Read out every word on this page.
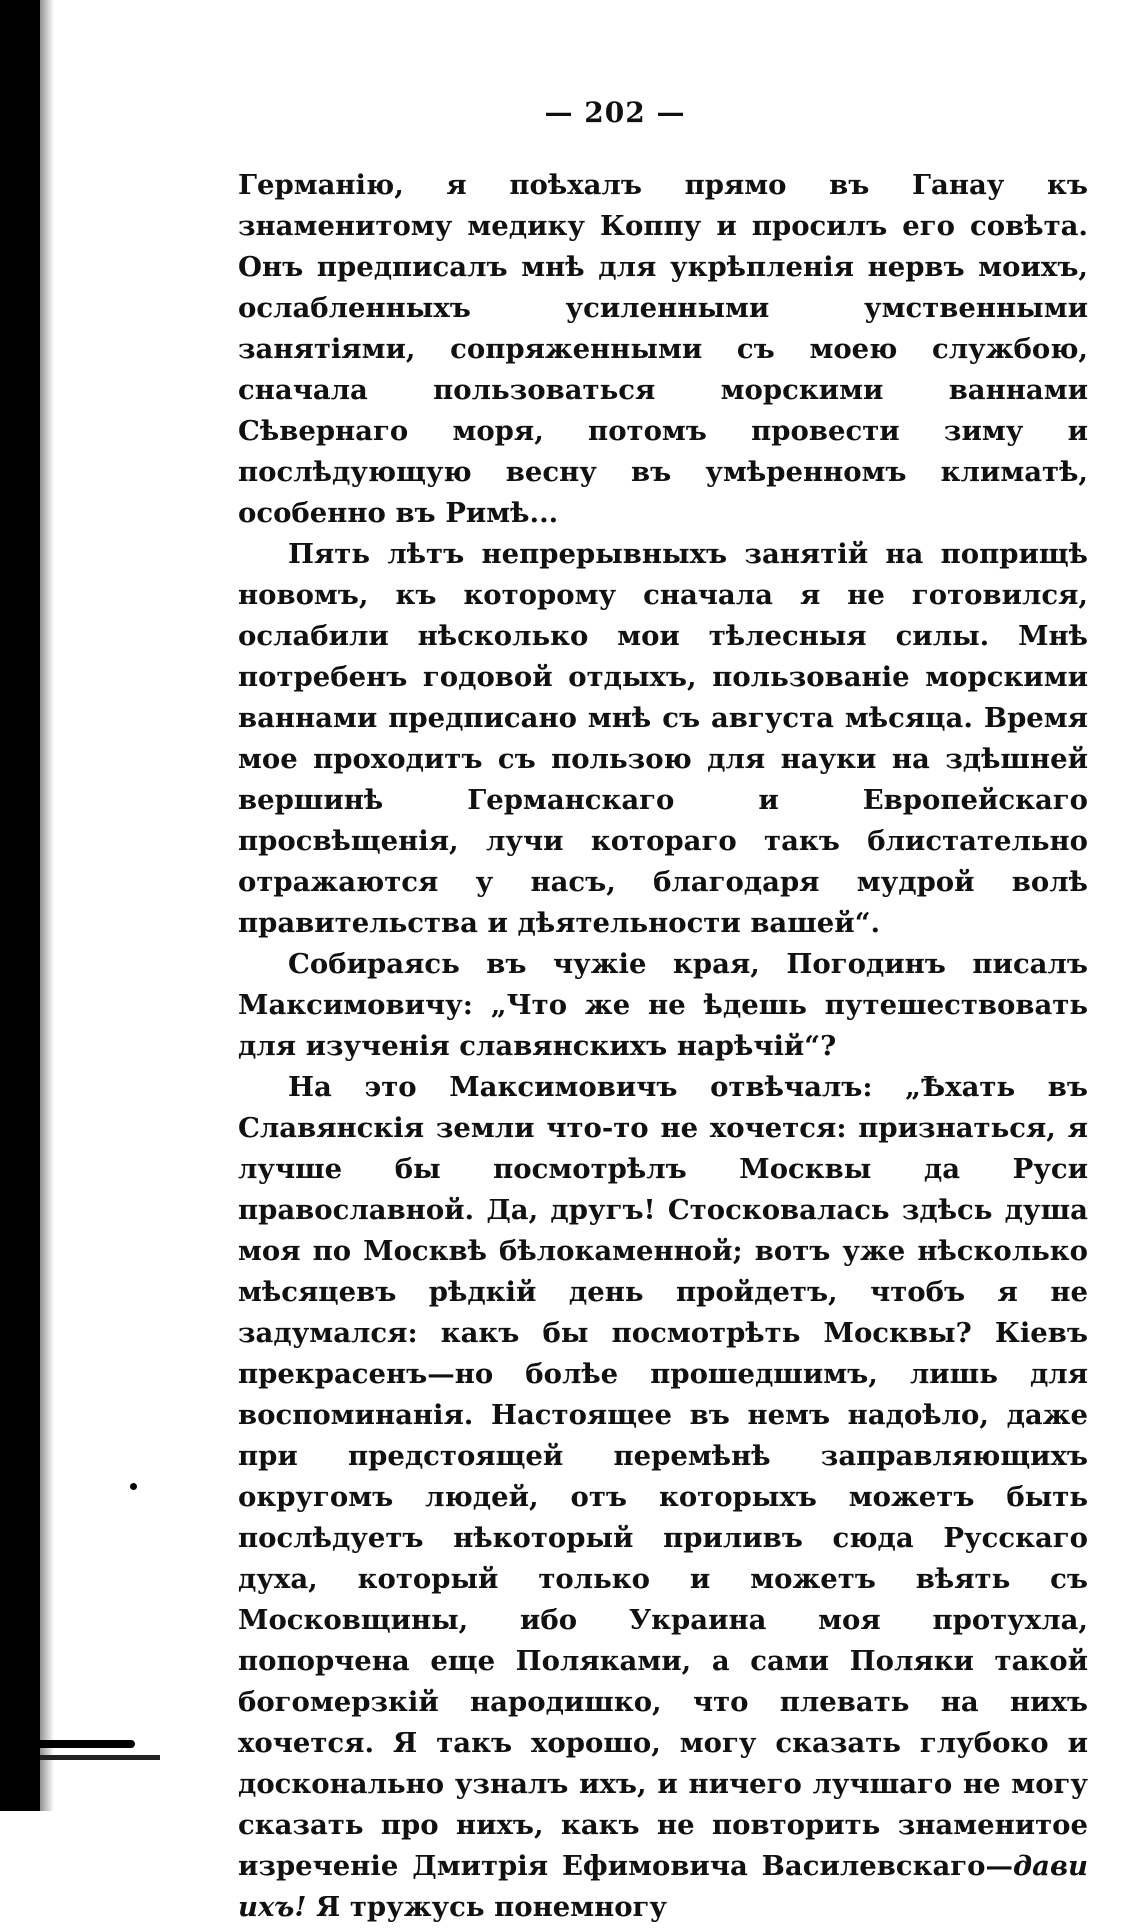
— 202 —

Германію, я поѣхалъ прямо въ Ганау къ знаменитому медику Коппу и просилъ его совѣта. Онъ предписалъ мнѣ для укрѣпленія нервъ моихъ, ослабленныхъ усиленными умственными занятіями, сопряженными съ моею службою, сначала пользоваться морскими ваннами Сѣвернаго моря, потомъ провести зиму и послѣдующую весну въ умѣренномъ климатѣ, особенно въ Римѣ...

Пять лѣтъ непрерывныхъ занятій на поприщѣ новомъ, къ которому сначала я не готовился, ослабили нѣсколько мои тѣлесныя силы. Мнѣ потребенъ годовой отдыхъ, пользованіе морскими ваннами предписано мнѣ съ августа мѣсяца. Время мое проходитъ съ пользою для науки на здѣшней вершинѣ Германскаго и Европейскаго просвѣщенія, лучи котораго такъ блистательно отражаются у насъ, благодаря мудрой волѣ правительства и дѣятельности вашей“.

Собираясь въ чужіе края, Погодинъ писалъ Максимовичу: „Что же не ѣдешь путешествовать для изученія славянскихъ нарѣчій“?

На это Максимовичъ отвѣчалъ: „Ѣхать въ Славянскія земли что-то не хочется: признаться, я лучше бы посмотрѣлъ Москвы да Руси православной. Да, другъ! Стосковалась здѣсь душа моя по Москвѣ бѣлокаменной; вотъ уже нѣсколько мѣсяцевъ рѣдкій день пройдетъ, чтобъ я не задумался: какъ бы посмотрѣть Москвы? Кіевъ прекрасенъ—но болѣе прошедшимъ, лишь для воспоминанія. Настоящее въ немъ надоѣло, даже при предстоящей перемѣнѣ заправляющихъ округомъ людей, отъ которыхъ можетъ быть послѣдуетъ нѣкоторый приливъ сюда Русскаго духа, который только и можетъ вѣять съ Московщины, ибо Украина моя протухла, попорчена еще Поляками, а сами Поляки такой богомерзкій народишко, что плевать на нихъ хочется. Я такъ хорошо, могу сказать глубоко и досконально узналъ ихъ, и ничего лучшаго не могу сказать про нихъ, какъ не повторить знаменитое изреченіе Дмитрія Ефимовича Василевскаго—дави ихъ! Я тружусь понемногу
